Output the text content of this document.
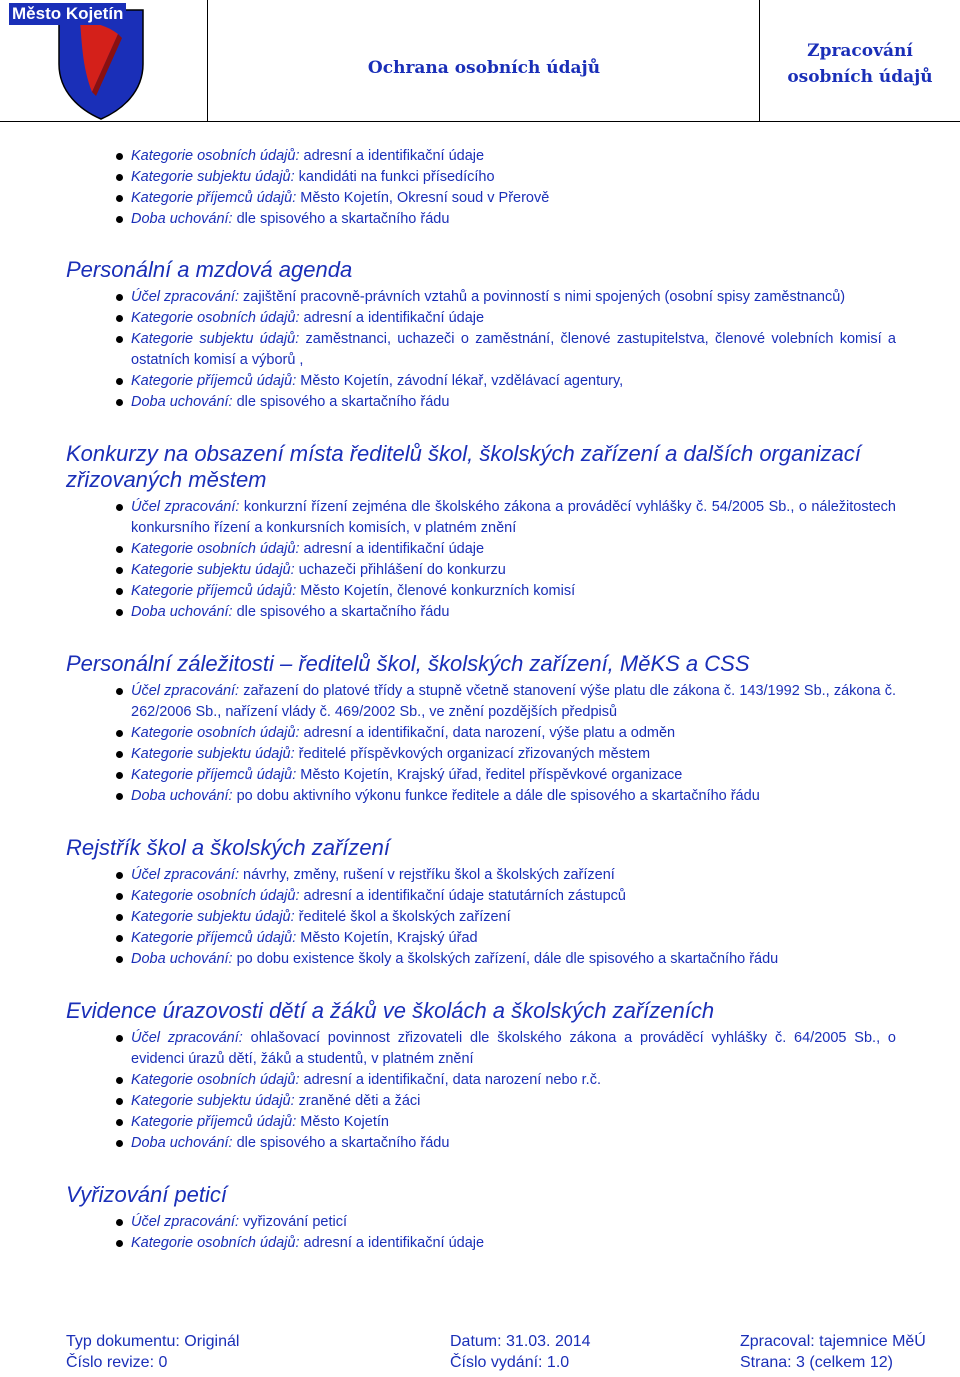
Město Kojetín
Ochrana osobních údajů
Zpracování
osobních údajů
Kategorie osobních údajů: adresní a identifikační údaje
Kategorie subjektu údajů: kandidáti na funkci přísedícího
Kategorie příjemců údajů: Město Kojetín, Okresní soud v Přerově
Doba uchování: dle spisového a skartačního řádu
Personální a mzdová agenda
Účel zpracování: zajištění pracovně-právních vztahů a povinností s nimi spojených (osobní spisy zaměstnanců)
Kategorie osobních údajů: adresní a identifikační údaje
Kategorie subjektu údajů: zaměstnanci, uchazeči o zaměstnání, členové zastupitelstva, členové volebních komisí a ostatních komisí a výborů ,
Kategorie příjemců údajů: Město Kojetín, závodní lékař, vzdělávací agentury,
Doba uchování: dle spisového a skartačního řádu
Konkurzy na obsazení místa ředitelů škol, školských zařízení a dalších organizací zřizovaných městem
Účel zpracování: konkurzní řízení zejména dle školského zákona a prováděcí vyhlášky č. 54/2005 Sb., o náležitostech konkursního řízení a konkursních komisích, v platném znění
Kategorie osobních údajů: adresní a identifikační údaje
Kategorie subjektu údajů: uchazeči přihlášení do konkurzu
Kategorie příjemců údajů: Město Kojetín, členové konkurzních komisí
Doba uchování: dle spisového a skartačního řádu
Personální záležitosti – ředitelů škol, školských zařízení, MěKS a CSS
Účel zpracování: zařazení do platové třídy a stupně včetně stanovení výše platu dle zákona č. 143/1992 Sb., zákona č. 262/2006 Sb., nařízení vlády č. 469/2002 Sb., ve znění pozdějších předpisů
Kategorie osobních údajů: adresní a identifikační, data narození, výše platu a odměn
Kategorie subjektu údajů: ředitelé příspěvkových organizací zřizovaných městem
Kategorie příjemců údajů: Město Kojetín, Krajský úřad, ředitel příspěvkové organizace
Doba uchování: po dobu aktivního výkonu funkce ředitele a dále dle spisového a skartačního řádu
Rejstřík škol a školských zařízení
Účel zpracování: návrhy, změny, rušení v rejstříku škol a školských zařízení
Kategorie osobních údajů: adresní a identifikační údaje statutárních zástupců
Kategorie subjektu údajů: ředitelé škol a školských zařízení
Kategorie příjemců údajů: Město Kojetín, Krajský úřad
Doba uchování: po dobu existence školy a školských zařízení, dále dle spisového a skartačního řádu
Evidence úrazovosti dětí a žáků ve školách a školských zařízeních
Účel zpracování: ohlašovací povinnost zřizovateli dle školského zákona a prováděcí vyhlášky č. 64/2005 Sb., o evidenci úrazů dětí, žáků a studentů, v platném znění
Kategorie osobních údajů: adresní a identifikační, data narození nebo r.č.
Kategorie subjektu údajů: zraněné děti a žáci
Kategorie příjemců údajů: Město Kojetín
Doba uchování: dle spisového a skartačního řádu
Vyřizování peticí
Účel zpracování: vyřizování peticí
Kategorie osobních údajů: adresní a identifikační údaje
Typ dokumentu: Originál	Datum: 31.03. 2014	Zpracoval: tajemnice MěÚ
Číslo revize: 0	Číslo vydání: 1.0	Strana: 3 (celkem 12)
